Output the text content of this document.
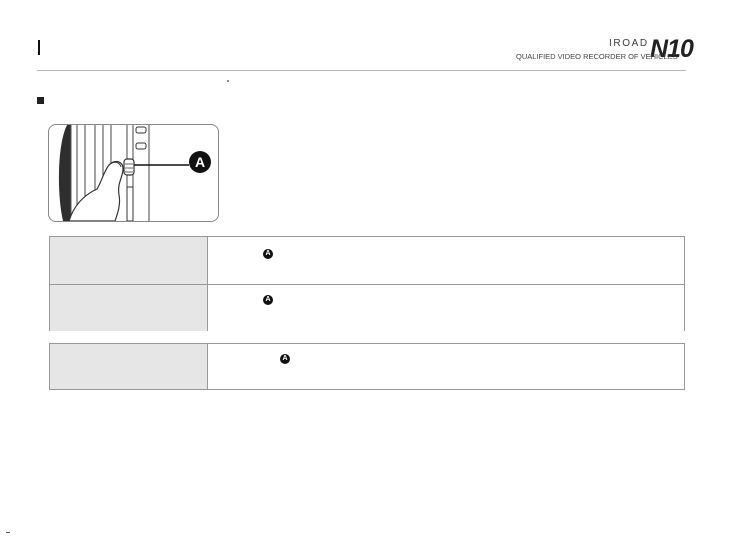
IROAD N10
QUALIFIED VIDEO RECORDER OF VEHICLES
A
A
A
A
